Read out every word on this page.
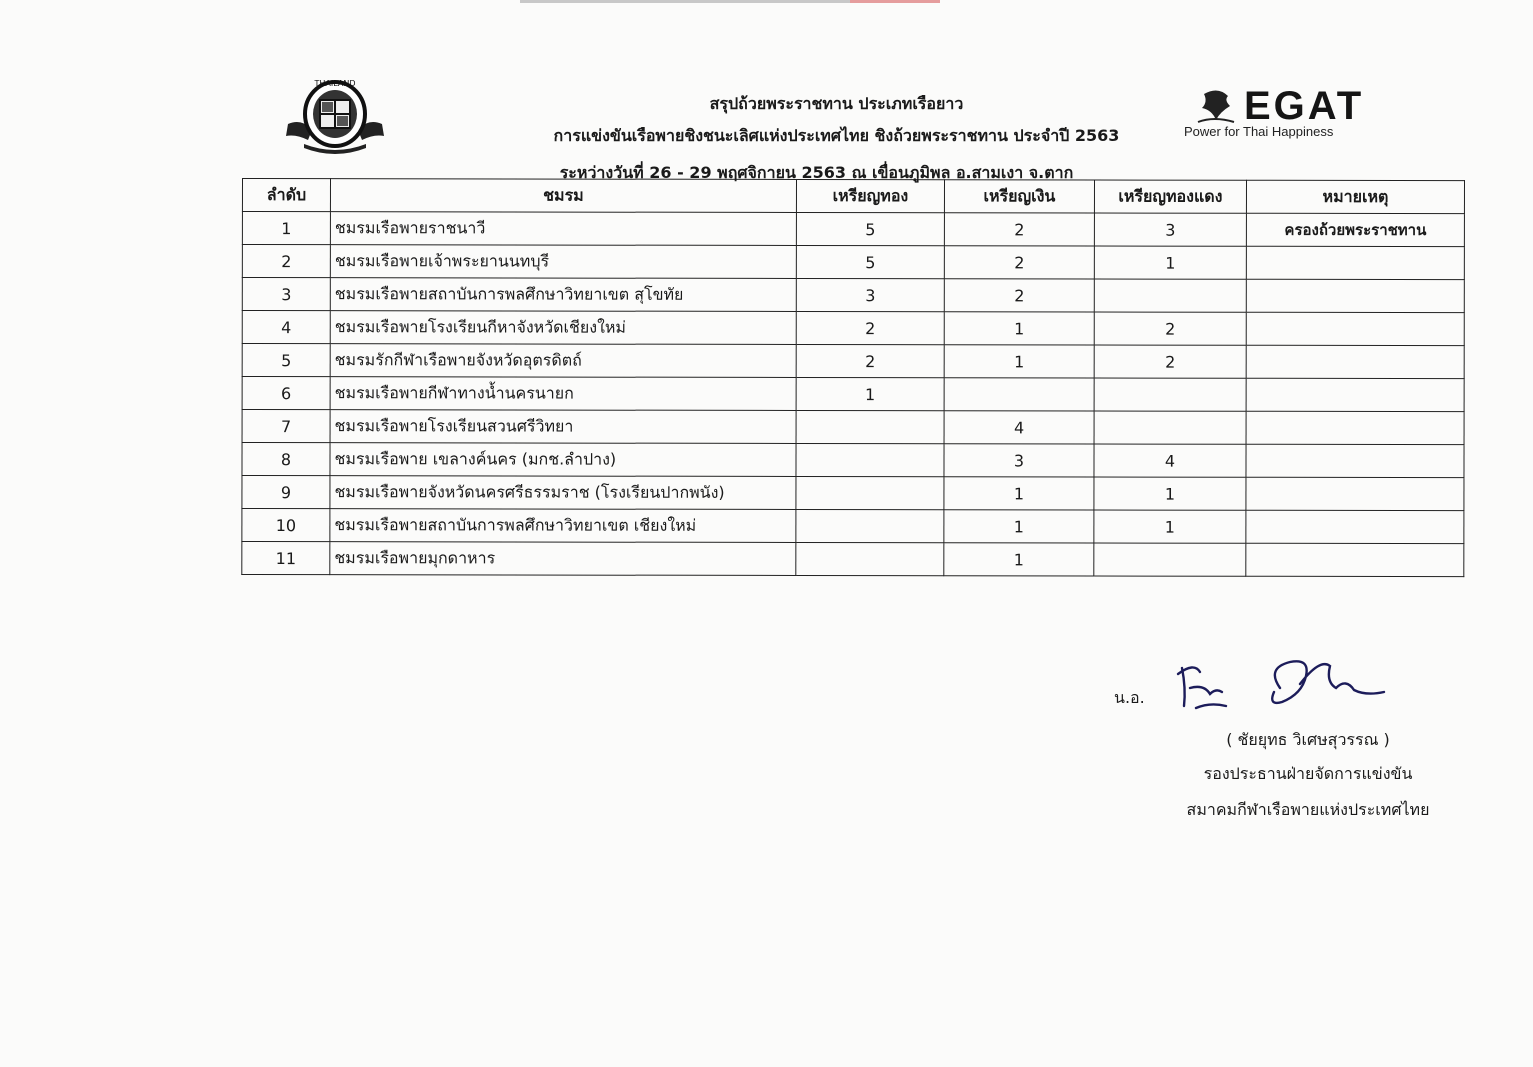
THAILAND
EGAT
Power for Thai Happiness
สรุปถ้วยพระราชทาน ประเภทเรือยาว
การแข่งขันเรือพายชิงชนะเลิศแห่งประเทศไทย ชิงถ้วยพระราชทาน ประจำปี 2563
ระหว่างวันที่ 26 - 29 พฤศจิกายน 2563 ณ เขื่อนภูมิพล อ.สามเงา จ.ตาก
ลำดับ	ชมรม	เหรียญทอง	เหรียญเงิน	เหรียญทองแดง	หมายเหตุ
1	ชมรมเรือพายราชนาวี	5	2	3	ครองถ้วยพระราชทาน
2	ชมรมเรือพายเจ้าพระยานนทบุรี	5	2	1	
3	ชมรมเรือพายสถาบันการพลศึกษาวิทยาเขต สุโขทัย	3	2		
4	ชมรมเรือพายโรงเรียนกีหาจังหวัดเชียงใหม่	2	1	2	
5	ชมรมรักกีฬาเรือพายจังหวัดอุตรดิตถ์	2	1	2	
6	ชมรมเรือพายกีฬาทางน้ำนครนายก	1			
7	ชมรมเรือพายโรงเรียนสวนศรีวิทยา		4		
8	ชมรมเรือพาย เขลางค์นคร (มกช.ลำปาง)		3	4	
9	ชมรมเรือพายจังหวัดนครศรีธรรมราช (โรงเรียนปากพนัง)		1	1	
10	ชมรมเรือพายสถาบันการพลศึกษาวิทยาเขต เชียงใหม่		1	1	
11	ชมรมเรือพายมุกดาหาร		1		
น.อ.
( ชัยยุทธ วิเศษสุวรรณ )
รองประธานฝ่ายจัดการแข่งขัน
สมาคมกีฬาเรือพายแห่งประเทศไทย
